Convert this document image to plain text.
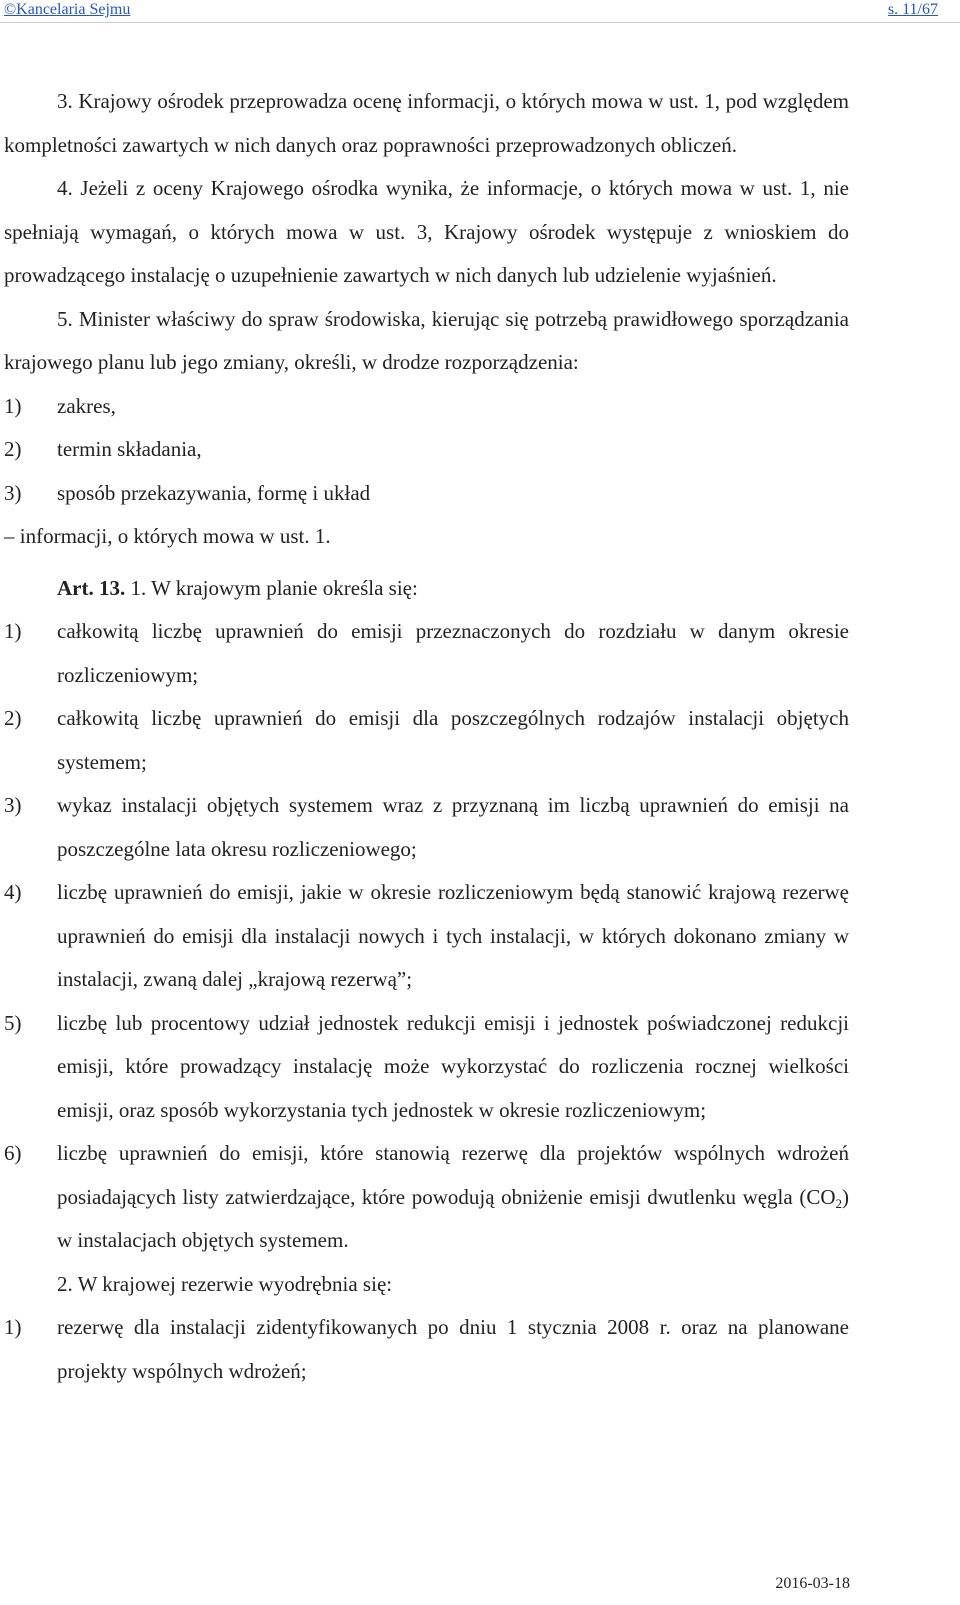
©Kancelaria Sejmu	s. 11/67

3. Krajowy ośrodek przeprowadza ocenę informacji, o których mowa w ust. 1, pod względem kompletności zawartych w nich danych oraz poprawności przeprowadzonych obliczeń.

4. Jeżeli z oceny Krajowego ośrodka wynika, że informacje, o których mowa w ust. 1, nie spełniają wymagań, o których mowa w ust. 3, Krajowy ośrodek występuje z wnioskiem do prowadzącego instalację o uzupełnienie zawartych w nich danych lub udzielenie wyjaśnień.

5. Minister właściwy do spraw środowiska, kierując się potrzebą prawidłowego sporządzania krajowego planu lub jego zmiany, określi, w drodze rozporządzenia:

1) zakres,

2) termin składania,

3) sposób przekazywania, formę i układ

– informacji, o których mowa w ust. 1.

Art. 13. 1. W krajowym planie określa się:

1) całkowitą liczbę uprawnień do emisji przeznaczonych do rozdziału w danym okresie rozliczeniowym;

2) całkowitą liczbę uprawnień do emisji dla poszczególnych rodzajów instalacji objętych systemem;

3) wykaz instalacji objętych systemem wraz z przyznaną im liczbą uprawnień do emisji na poszczególne lata okresu rozliczeniowego;

4) liczbę uprawnień do emisji, jakie w okresie rozliczeniowym będą stanowić krajową rezerwę uprawnień do emisji dla instalacji nowych i tych instalacji, w których dokonano zmiany w instalacji, zwaną dalej „krajową rezerwą”;

5) liczbę lub procentowy udział jednostek redukcji emisji i jednostek poświadczonej redukcji emisji, które prowadzący instalację może wykorzystać do rozliczenia rocznej wielkości emisji, oraz sposób wykorzystania tych jednostek w okresie rozliczeniowym;

6) liczbę uprawnień do emisji, które stanowią rezerwę dla projektów wspólnych wdrożeń posiadających listy zatwierdzające, które powodują obniżenie emisji dwutlenku węgla $(CO_2)$ w instalacjach objętych systemem.

2. W krajowej rezerwie wyodrębnia się:

1) rezerwę dla instalacji zidentyfikowanych po dniu 1 stycznia 2008 r. oraz na planowane projekty wspólnych wdrożeń;

2016-03-18
